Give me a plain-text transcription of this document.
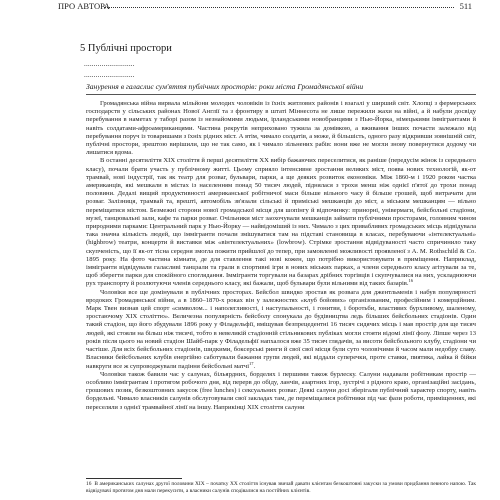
ПРО АВТОРА	511
5 Публічні простори
..........................
..........................
Занурення в галаслиє сум'яття публічних просторів: роки міста Громадянської війни

Громадянська війна вирвала мільйони молодих чоловіків із їхніх житлових районів і взагалі у ширший світ. Хлопці з фермерських господарств у сільських районах Нової Англії та з фронтиру в штаті Міннесота не лише пережили жахи на війні, а й набули досвіду перебування в наметах у таборі разом із незнайомими людьми, ірландськими новобранцями з Нью-Йорка, німецькими іммігрантами й навіть солдатами-афроамериканцями. Частина рекрутів неприховано тужила за домівкою, а вживання інших почасти залежало від перебування поруч із товаришами з їхніх рідних міст. А втім, чимало солдатів, а може, й більшість, одного разу відкривши зовнішній світ, публічні простори, зрештою вирішили, що не так само, як і чимало зільнених рабів: вони вже не могли знову повернутися додому чи лишатися вдома.

В останні десятиліття ХІХ століття й перші десятиліття ХХ вибір бажаючих переселитися, як раніше (передусім жінок із середнього класу), почали брати участь у публічному житті. Цьому сприяло інтенсивне зростання великих міст, поява нових технологій, як-от трамвай, нові індустрії, так як театр для розваг, бульвари, парки, а ще деяких розвиток економіки. Між 1860-м і 1920 роком частка американців, які мешкали в містах із населенням понад 50 тисяч людей, піднялася з трохи менш ніж однієї п'ятої до трохи понад половини. Дедалі вищий продуктивності американської робітничої маси більше вільного часу й більше грошей, щоб витрачати для розваг. Залізниця, трамвай та, врешті, автомобіль зв'язали сільські й приміські мешканців до міст, а міським мешканцям — вільно переміщатися містом. Безмежні сторони нової громадської місця для шопінгу й відпочинку: принорні, універмаги, бейсбольні стадіони, музеї, танцювальні зали, кафе та парки розваг. Очільники міст заохочували мешканців займати публічними просторами, головним чином природними парками: Центральний парк у Нью-Йорку — найвідоміший із них. Чимало з цих привабливих громадських місць відвідувала така значна кількість людей, що іммігранти почали змішуватися там на підставі становища в класах, перебуваючи «інтелектуальні» (highbrow) театри, концерти й виставки між «вінтелектуальних» (lowbrow). Стрімке зростання відвідуваності часто спричинило таку скупченість, що її як-от тісна середня змогла пожити прийшлої до тепер, при замовленні можливості проявленої з А. М. Rothschild & Co. 1895 року. На фото частина кімнати, де для ставлення такі нові кожен, що потрібно використовувати в приміщення. Наприклад, іммігранти відвідували галасливі танцзали та грали в спортивні ігри в нових міських парках, а члени середнього класу агітували за те, щоб зберегти парки для спокійного споглядання. Іммігранти торгували на базарах дрібних торгівців і скупчувалися на них, ускладнюючи рух транспорту й розлютуючи членів середнього класу, які бажали, щоб бульвари були вільними від таких базарів.$^{16}$

Чоловіки все ще домінували в публічних просторах. Бейсбол швидко зростав як розвага для джентльменів і набув популярності вродоких Громадянської війни, а в 1860–1870-х роках він у залежностях «клуб бойових» організованим, професійним і комерційним. Марк Твен визнав цей спорт «символом... і наполегливості, і наступальності, і гонитви, і боротьби, властивих бурхливому, шаленому, зростаючому ХІХ століттю». Величезна популярність бейсболу спонукала до будівництва ледь більших бейсбольних стадіонів. Один такий стадіон, що його збудували 1896 року у Філадельфії, вміщував безпрецедентні 16 тисяч сидячих місць і мав простір для ще тисяч людей, які стояли на більш ніж тисячі, тобто в невеликій стадіонній стільникових публіках могли стояти відомі лінії фолу. Ліпше через 13 років після цього на новий стадіон Шайб-парк у Філадельфії напхалося вже 35 тисяч глядачів, за висоти бейсбольного клубу, стадіони чи частіше. Для всіх бейсбольних стадіонів, шидкими, боксерські ринги й свої свої місця були суто чоловічими й часом мали недобру славу. Власники бейсбольних клубів енергійно саботували бажання групи людей, які віддали суперечки, проте ставки, пиятика, лайка й бійки навкруги все ж супроводжували падіння бейсбольні матчі$^{17}$.

Чоловіки також бавили час у салунах, більярдних, борделях і першими також бурлеску. Салуни надавали робітникам простір — особливо іммігрантам і протягом робочого дня, від перерв до обіду, ланчів, азартних ігор, зустрічі з рідного краю, організаційні засідань, грошових позик, безкоштовних закусок (free lunches) і сексуальних розваг. Деякі салуни досі зберігали публічний характер спорту, навіть бордельні. Чимало власників салунів обслуговували свої закладах там, де переміщалися робітники під час фази роботи, приміщеннях, які переселяли з однієї трамвайної лінії на іншу. Наприкінці ХІХ століття салуни

16 В американських салунах другої половини ХІХ – початку ХХ століття існував звичай давати клієнтам безкоштовні закуски за умови придбання певного напою. Так відвідувачі протягом дня мали перекусити, а власники салунів сподівалися на постійних клієнтів.
